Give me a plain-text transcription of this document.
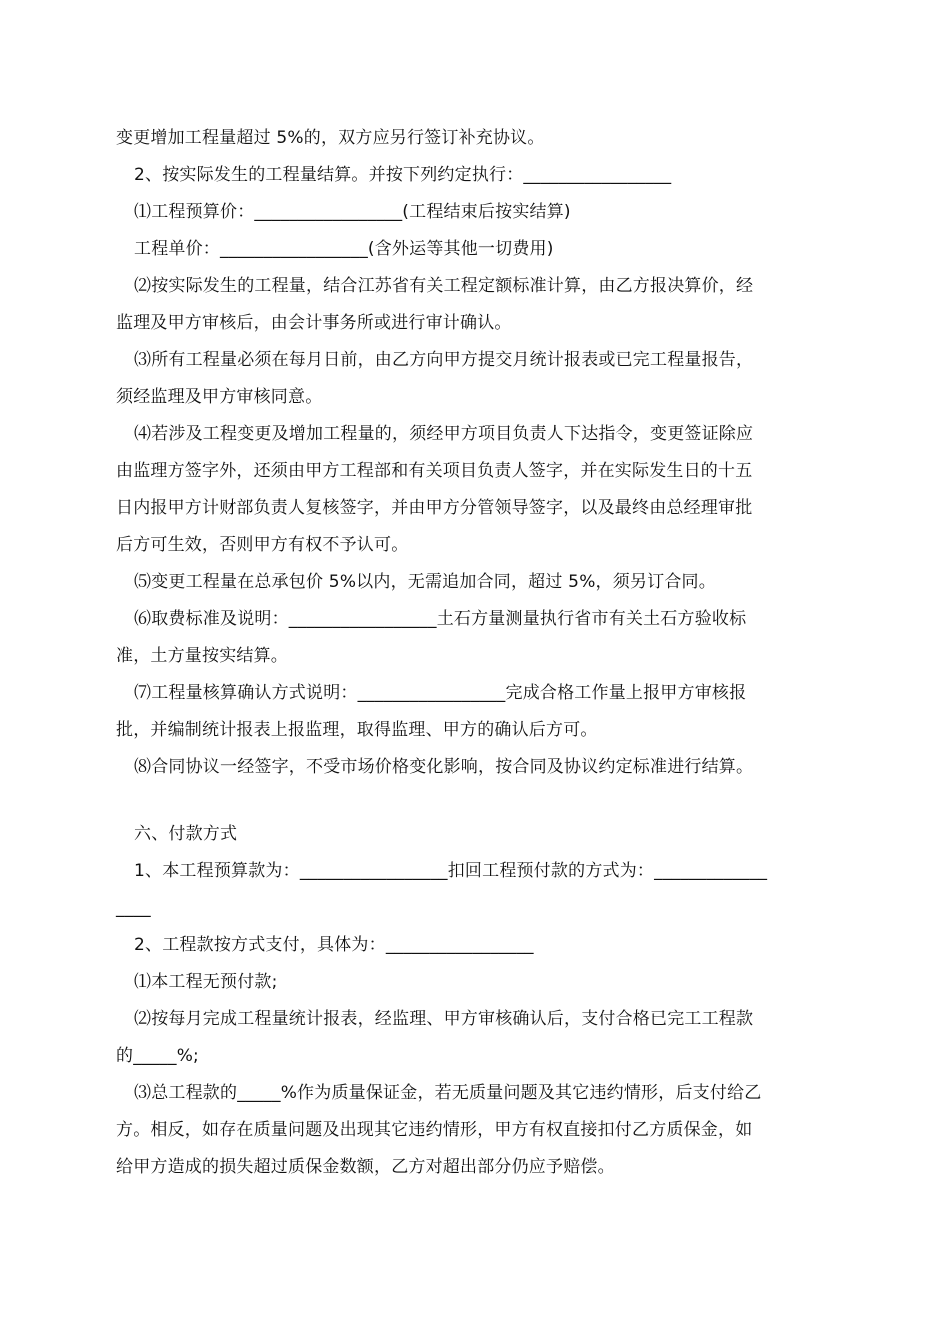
变更增加工程量超过 5%的，双方应另行签订补充协议。
2、按实际发生的工程量结算。并按下列约定执行：_________________
⑴工程预算价：_________________(工程结束后按实结算)
工程单价：_________________(含外运等其他一切费用)
⑵按实际发生的工程量，结合江苏省有关工程定额标准计算，由乙方报决算价，经
监理及甲方审核后，由会计事务所或进行审计确认。
⑶所有工程量必须在每月日前，由乙方向甲方提交月统计报表或已完工程量报告，
须经监理及甲方审核同意。
⑷若涉及工程变更及增加工程量的，须经甲方项目负责人下达指令，变更签证除应
由监理方签字外，还须由甲方工程部和有关项目负责人签字，并在实际发生日的十五
日内报甲方计财部负责人复核签字，并由甲方分管领导签字，以及最终由总经理审批
后方可生效，否则甲方有权不予认可。
⑸变更工程量在总承包价 5%以内，无需追加合同，超过 5%，须另订合同。
⑹取费标准及说明：_________________土石方量测量执行省市有关土石方验收标
准，土方量按实结算。
⑺工程量核算确认方式说明：_________________完成合格工作量上报甲方审核报
批，并编制统计报表上报监理，取得监理、甲方的确认后方可。
⑻合同协议一经签字，不受市场价格变化影响，按合同及协议约定标准进行结算。
六、付款方式
1、本工程预算款为：_________________扣回工程预付款的方式为：_____________
____
2、工程款按方式支付，具体为：_________________
⑴本工程无预付款;
⑵按每月完成工程量统计报表，经监理、甲方审核确认后，支付合格已完工工程款
的_____%;
⑶总工程款的_____%作为质量保证金，若无质量问题及其它违约情形，后支付给乙
方。相反，如存在质量问题及出现其它违约情形，甲方有权直接扣付乙方质保金，如
给甲方造成的损失超过质保金数额，乙方对超出部分仍应予赔偿。
